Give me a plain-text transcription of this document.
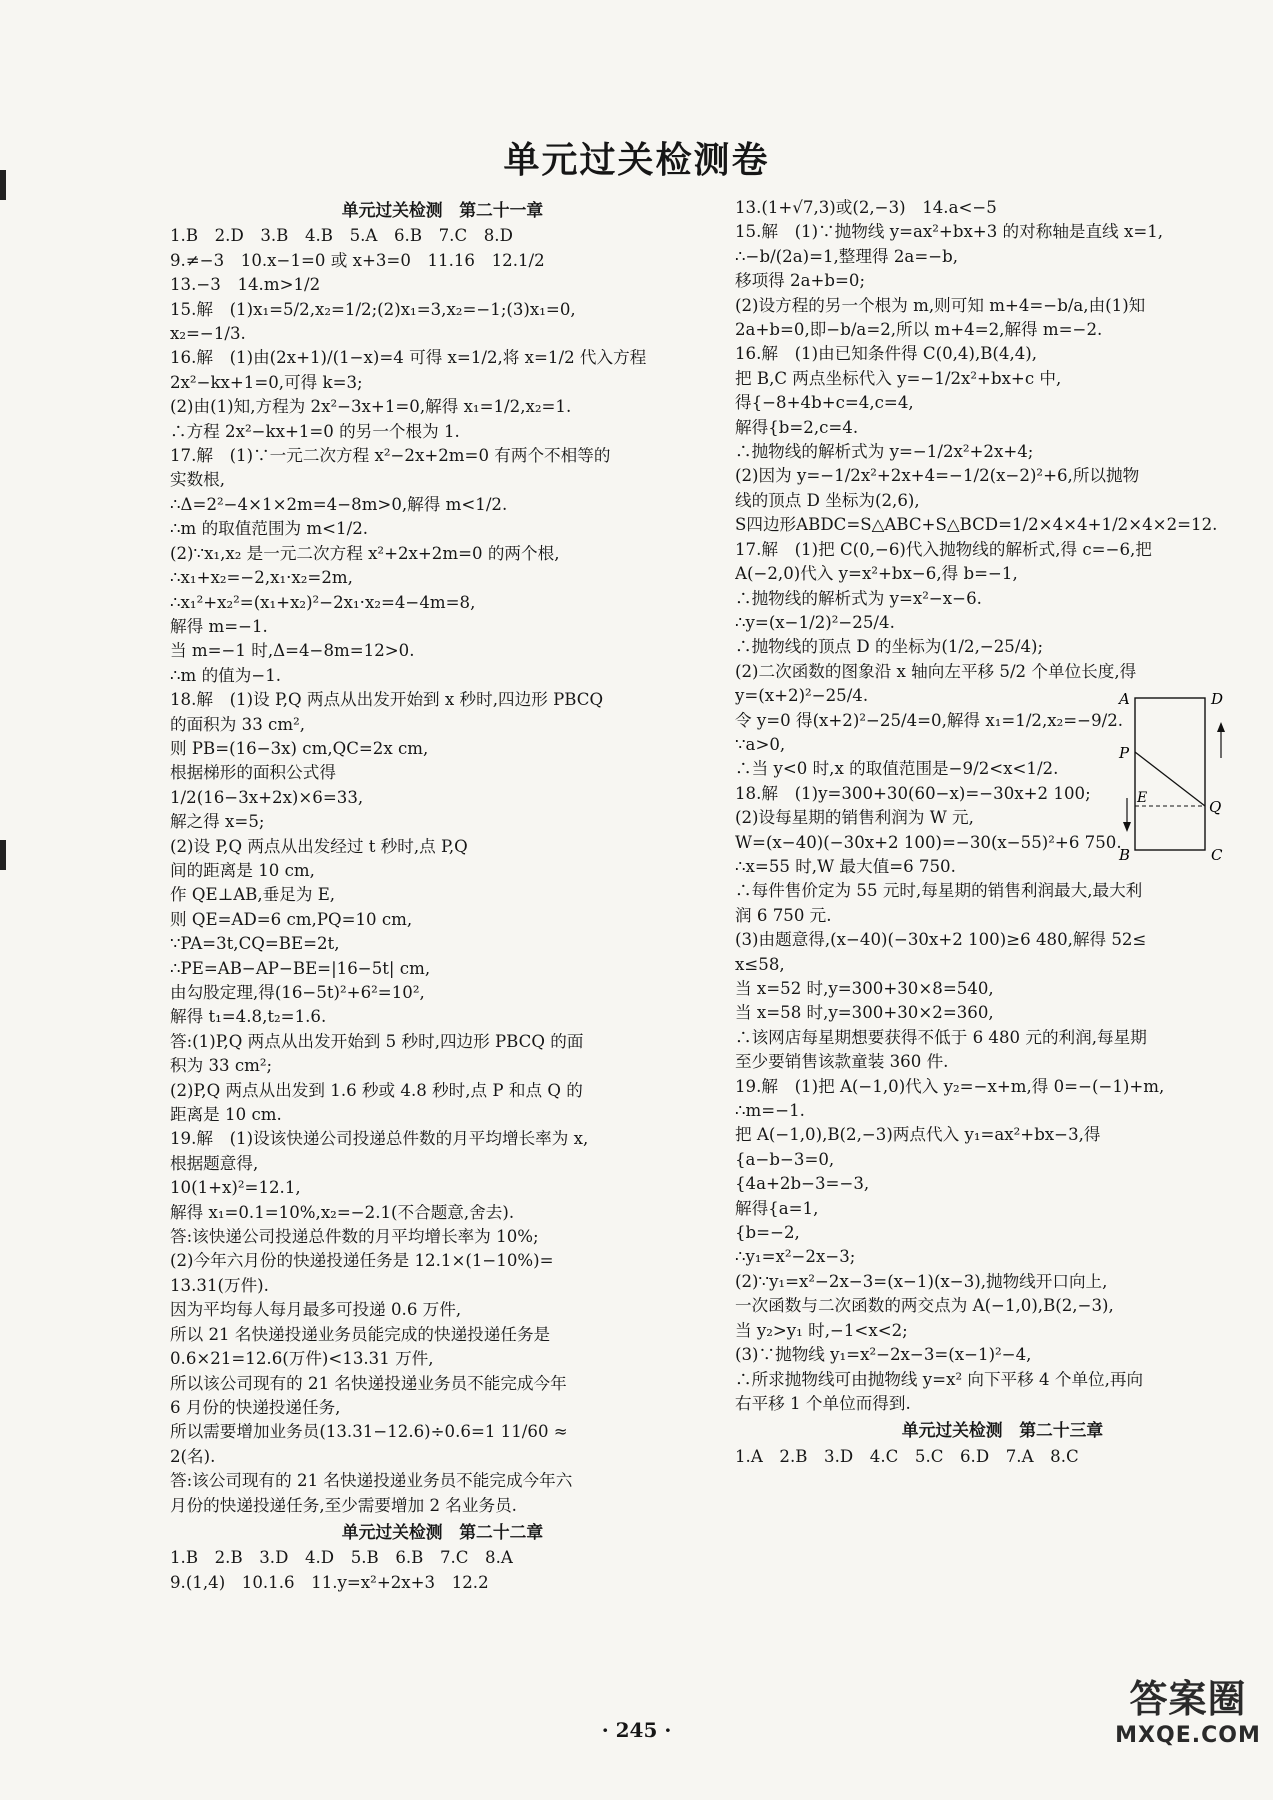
单元过关检测卷
单元过关检测　第二十一章
1.B　2.D　3.B　4.B　5.A　6.B　7.C　8.D
9.≠−3　10.x−1=0 或 x+3=0　11.16　12.1/2
13.−3　14.m>1/2
15.解　(1)x₁=5/2,x₂=1/2;(2)x₁=3,x₂=−1;(3)x₁=0,
x₂=−1/3.
16.解　(1)由(2x+1)/(1−x)=4 可得 x=1/2,将 x=1/2 代入方程
2x²−kx+1=0,可得 k=3;
(2)由(1)知,方程为 2x²−3x+1=0,解得 x₁=1/2,x₂=1.
∴方程 2x²−kx+1=0 的另一个根为 1.
17.解　(1)∵一元二次方程 x²−2x+2m=0 有两个不相等的
实数根,
∴Δ=2²−4×1×2m=4−8m>0,解得 m<1/2.
∴m 的取值范围为 m<1/2.
(2)∵x₁,x₂ 是一元二次方程 x²+2x+2m=0 的两个根,
∴x₁+x₂=−2,x₁·x₂=2m,
∴x₁²+x₂²=(x₁+x₂)²−2x₁·x₂=4−4m=8,
解得 m=−1.
当 m=−1 时,Δ=4−8m=12>0.
∴m 的值为−1.
18.解　(1)设 P,Q 两点从出发开始到 x 秒时,四边形 PBCQ
的面积为 33 cm²,
则 PB=(16−3x) cm,QC=2x cm,
根据梯形的面积公式得
1/2(16−3x+2x)×6=33,
解之得 x=5;
(2)设 P,Q 两点从出发经过 t 秒时,点 P,Q
间的距离是 10 cm,
作 QE⊥AB,垂足为 E,
则 QE=AD=6 cm,PQ=10 cm,
∵PA=3t,CQ=BE=2t,
∴PE=AB−AP−BE=|16−5t| cm,
由勾股定理,得(16−5t)²+6²=10²,
解得 t₁=4.8,t₂=1.6.
答:(1)P,Q 两点从出发开始到 5 秒时,四边形 PBCQ 的面
积为 33 cm²;
(2)P,Q 两点从出发到 1.6 秒或 4.8 秒时,点 P 和点 Q 的
距离是 10 cm.
19.解　(1)设该快递公司投递总件数的月平均增长率为 x,
根据题意得,
10(1+x)²=12.1,
解得 x₁=0.1=10%,x₂=−2.1(不合题意,舍去).
答:该快递公司投递总件数的月平均增长率为 10%;
(2)今年六月份的快递投递任务是 12.1×(1−10%)=
13.31(万件).
因为平均每人每月最多可投递 0.6 万件,
所以 21 名快递投递业务员能完成的快递投递任务是
0.6×21=12.6(万件)<13.31 万件,
所以该公司现有的 21 名快递投递业务员不能完成今年
6 月份的快递投递任务,
所以需要增加业务员(13.31−12.6)÷0.6=1 11/60 ≈
2(名).
答:该公司现有的 21 名快递投递业务员不能完成今年六
月份的快递投递任务,至少需要增加 2 名业务员.
单元过关检测　第二十二章
1.B　2.B　3.D　4.D　5.B　6.B　7.C　8.A
9.(1,4)　10.1.6　11.y=x²+2x+3　12.2
A	D
P
E	Q
B	C
13.(1+√7,3)或(2,−3)　14.a<−5
15.解　(1)∵抛物线 y=ax²+bx+3 的对称轴是直线 x=1,
∴−b/(2a)=1,整理得 2a=−b,
移项得 2a+b=0;
(2)设方程的另一个根为 m,则可知 m+4=−b/a,由(1)知
2a+b=0,即−b/a=2,所以 m+4=2,解得 m=−2.
16.解　(1)由已知条件得 C(0,4),B(4,4),
把 B,C 两点坐标代入 y=−1/2x²+bx+c 中,
得{−8+4b+c=4,c=4,
解得{b=2,c=4.
∴抛物线的解析式为 y=−1/2x²+2x+4;
(2)因为 y=−1/2x²+2x+4=−1/2(x−2)²+6,所以抛物
线的顶点 D 坐标为(2,6),
S四边形ABDC=S△ABC+S△BCD=1/2×4×4+1/2×4×2=12.
17.解　(1)把 C(0,−6)代入抛物线的解析式,得 c=−6,把
A(−2,0)代入 y=x²+bx−6,得 b=−1,
∴抛物线的解析式为 y=x²−x−6.
∴y=(x−1/2)²−25/4.
∴抛物线的顶点 D 的坐标为(1/2,−25/4);
(2)二次函数的图象沿 x 轴向左平移 5/2 个单位长度,得
y=(x+2)²−25/4.
令 y=0 得(x+2)²−25/4=0,解得 x₁=1/2,x₂=−9/2.
∵a>0,
∴当 y<0 时,x 的取值范围是−9/2<x<1/2.
18.解　(1)y=300+30(60−x)=−30x+2 100;
(2)设每星期的销售利润为 W 元,
W=(x−40)(−30x+2 100)=−30(x−55)²+6 750.
∴x=55 时,W 最大值=6 750.
∴每件售价定为 55 元时,每星期的销售利润最大,最大利
润 6 750 元.
(3)由题意得,(x−40)(−30x+2 100)≥6 480,解得 52≤
x≤58,
当 x=52 时,y=300+30×8=540,
当 x=58 时,y=300+30×2=360,
∴该网店每星期想要获得不低于 6 480 元的利润,每星期
至少要销售该款童装 360 件.
19.解　(1)把 A(−1,0)代入 y₂=−x+m,得 0=−(−1)+m,
∴m=−1.
把 A(−1,0),B(2,−3)两点代入 y₁=ax²+bx−3,得
{a−b−3=0,
{4a+2b−3=−3,
解得{a=1,
{b=−2,
∴y₁=x²−2x−3;
(2)∵y₁=x²−2x−3=(x−1)(x−3),抛物线开口向上,
一次函数与二次函数的两交点为 A(−1,0),B(2,−3),
当 y₂>y₁ 时,−1<x<2;
(3)∵抛物线 y₁=x²−2x−3=(x−1)²−4,
∴所求抛物线可由抛物线 y=x² 向下平移 4 个单位,再向
右平移 1 个单位而得到.
单元过关检测　第二十三章
1.A　2.B　3.D　4.C　5.C　6.D　7.A　8.C
· 245 ·
答案圈
MXQE.COM
